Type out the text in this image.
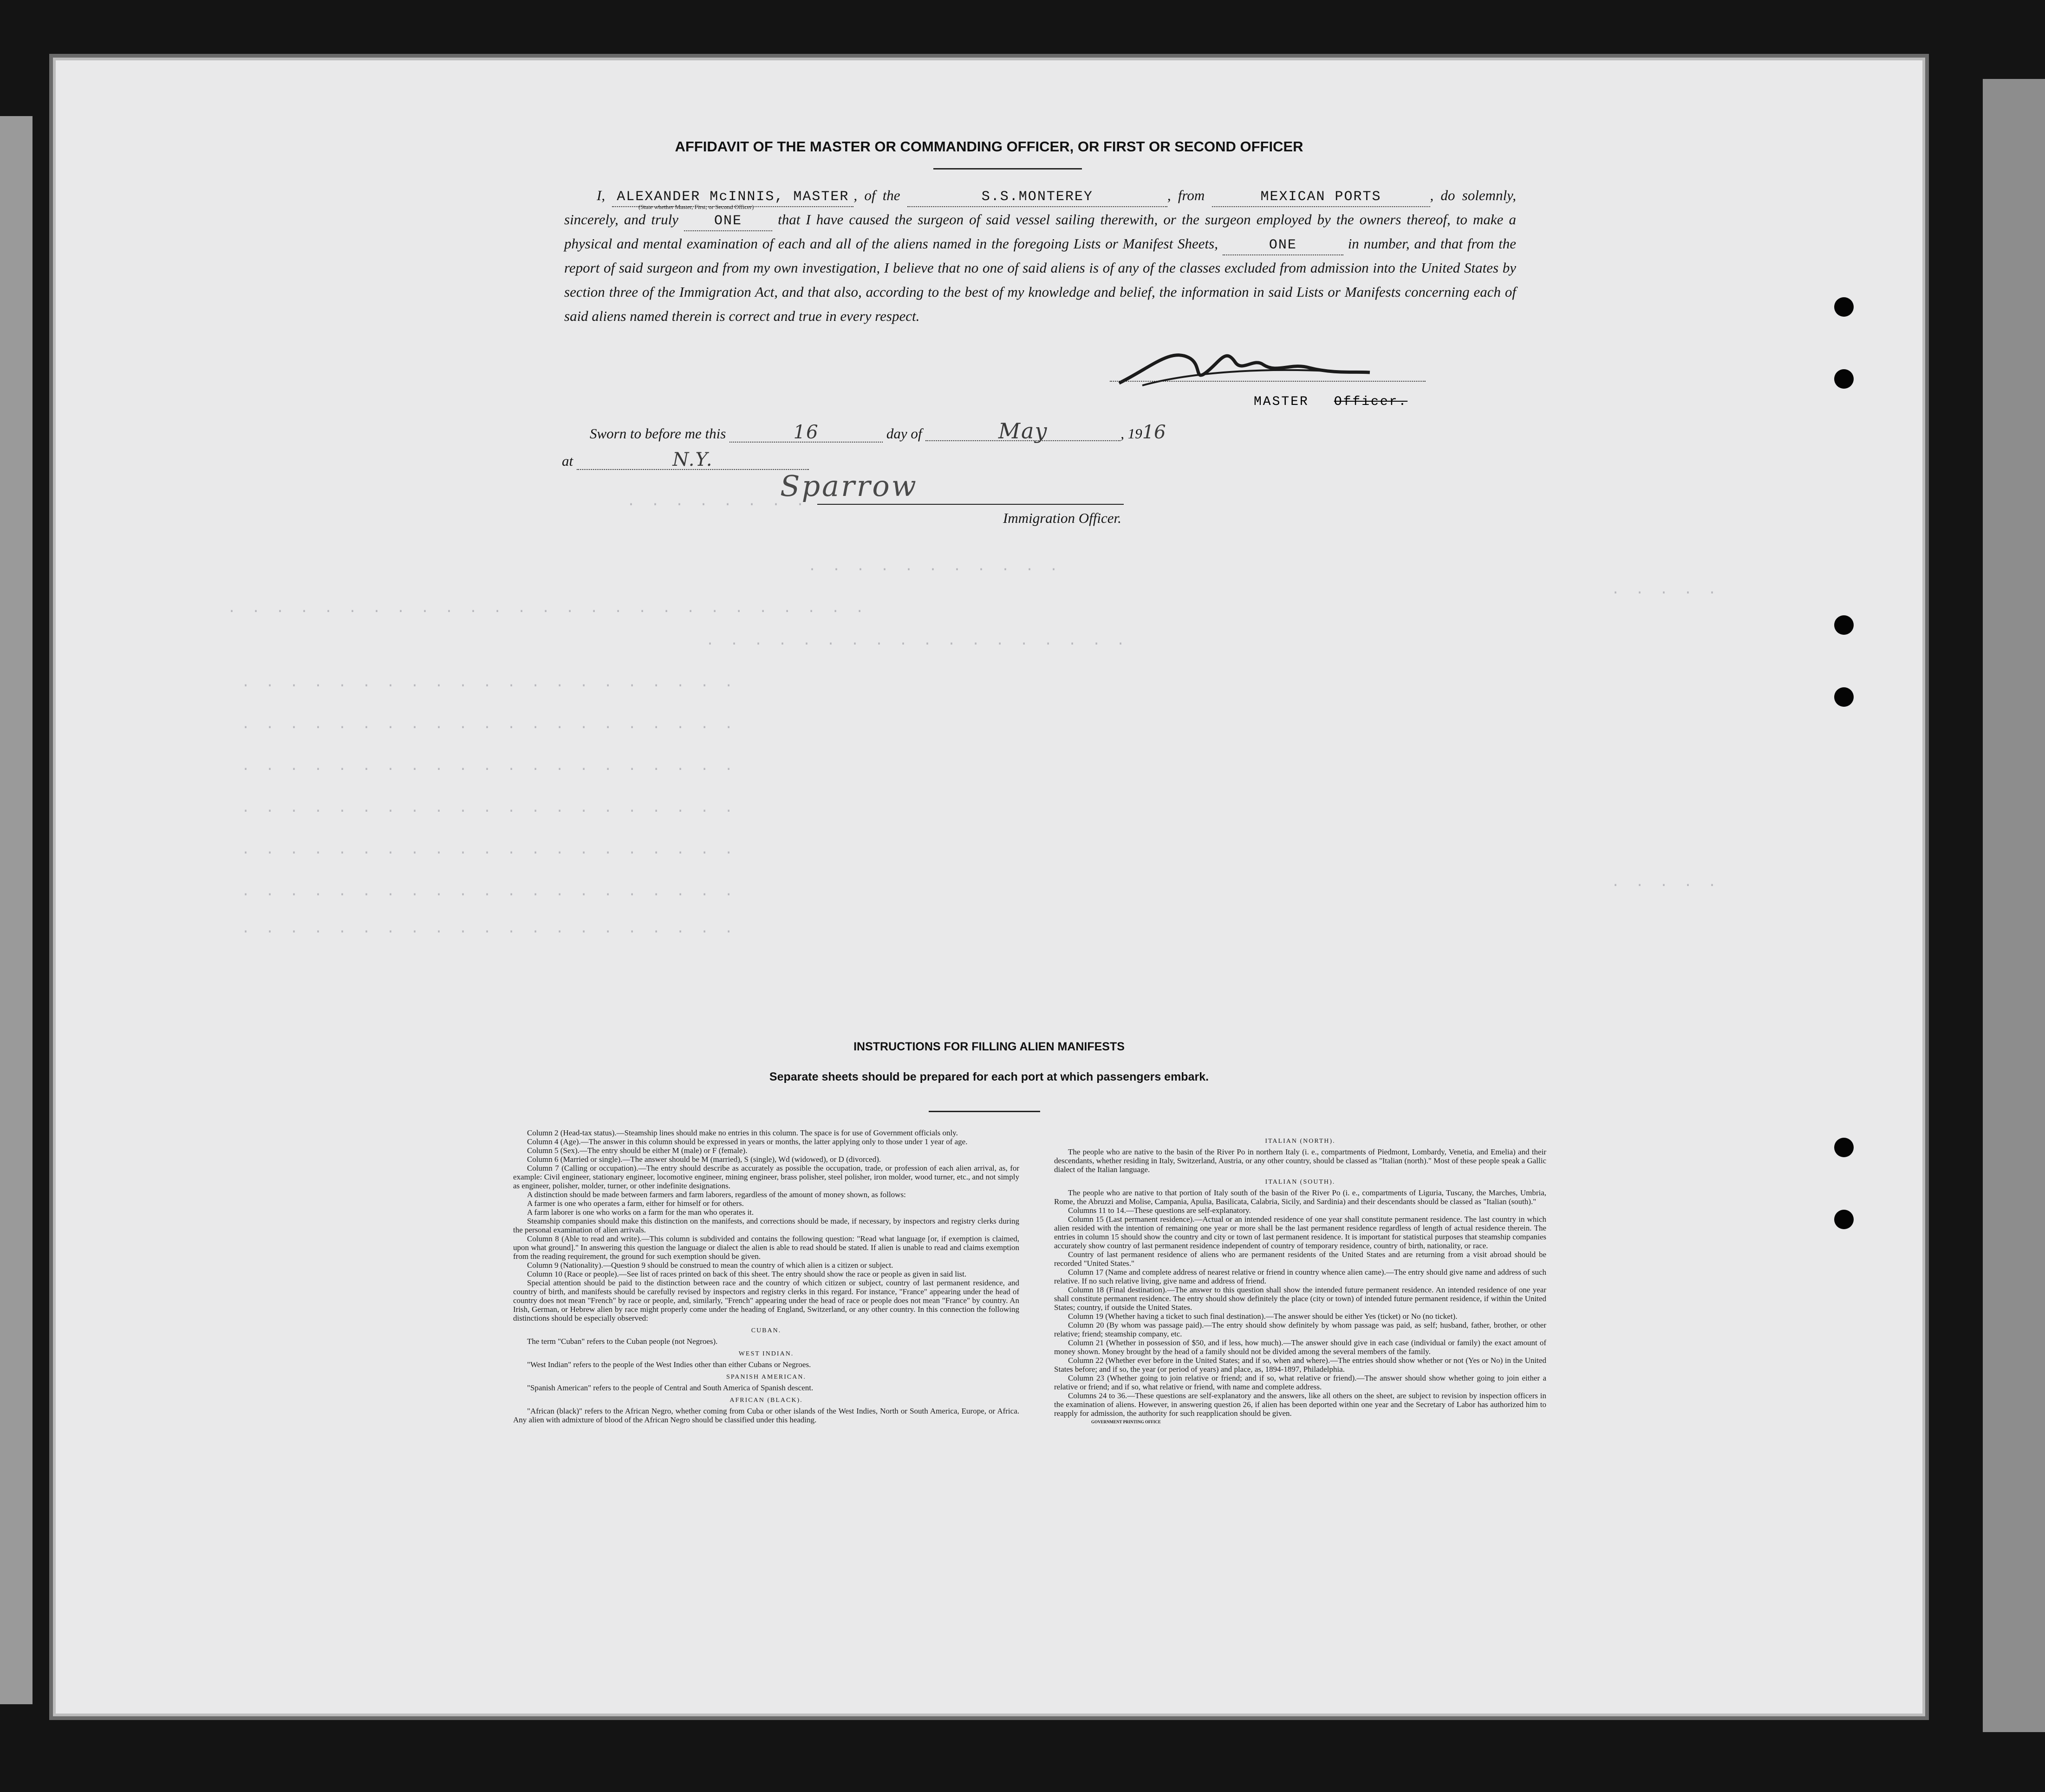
· · · · · · · ·
· · · · · · · · · · ·
· · · · · · · · · · · · · · · · · · · · · · · · · · ·
· · · · · · · · · · · · · · · · · ·
· · · · · · · · · · · · · · · · · · · · ·
· · · · · · · · · · · · · · · · · · · · ·
· · · · · · · · · · · · · · · · · · · · ·
· · · · · · · · · · · · · · · · · · · · ·
· · · · · · · · · · · · · · · · · · · · ·
· · · · · · · · · · · · · · · · · · · · ·
· · · · · · · · · · · · · · · · · · · · ·
· · · · ·
· · · · ·
AFFIDAVIT OF THE MASTER OR COMMANDING OFFICER, OR FIRST OR SECOND OFFICER
I, ALEXANDER McINNIS, MASTER , of the	S.S.MONTEREY	, from	MEXICAN PORTS	, do solemnly, sincerely, and truly	ONE that I have caused the surgeon of said vessel sailing therewith, or the surgeon employed by the owners thereof, to make a physical and mental examination of each and all of the aliens named in the foregoing Lists or Manifest Sheets,	ONE	in number, and that from the report of said surgeon and from my own investigation, I believe that no one of said aliens is of any of the classes excluded from admission into the United States by section three of the Immigration Act, and that also, according to the best of my knowledge and belief, the information in said Lists or Manifests concerning each of said aliens named therein is correct and true in every respect.
(State whether Master, First, or Second Officer)
MASTER Officer.
Sworn to before me this	16	day of	May	, 1916
at	N.Y.
Sparrow
Immigration Officer.
INSTRUCTIONS FOR FILLING ALIEN MANIFESTS
Separate sheets should be prepared for each port at which passengers embark.

Column 2 (Head-tax status).—Steamship lines should make no entries in this column. The space is for use of Government officials only.

Column 4 (Age).—The answer in this column should be expressed in years or months, the latter applying only to those under 1 year of age.

Column 5 (Sex).—The entry should be either M (male) or F (female).

Column 6 (Married or single).—The answer should be M (married), S (single), Wd (widowed), or D (divorced).

Column 7 (Calling or occupation).—The entry should describe as accurately as possible the occupation, trade, or profession of each alien arrival, as, for example: Civil engineer, stationary engineer, locomotive engineer, mining engineer, brass polisher, steel polisher, iron molder, wood turner, etc., and not simply as engineer, polisher, molder, turner, or other indefinite designations.

A distinction should be made between farmers and farm laborers, regardless of the amount of money shown, as follows:

A farmer is one who operates a farm, either for himself or for others.

A farm laborer is one who works on a farm for the man who operates it.

Steamship companies should make this distinction on the manifests, and corrections should be made, if necessary, by inspectors and registry clerks during the personal examination of alien arrivals.

Column 8 (Able to read and write).—This column is subdivided and contains the following question: "Read what language [or, if exemption is claimed, upon what ground]." In answering this question the language or dialect the alien is able to read should be stated. If alien is unable to read and claims exemption from the reading requirement, the ground for such exemption should be given.

Column 9 (Nationality).—Question 9 should be construed to mean the country of which alien is a citizen or subject.

Column 10 (Race or people).—See list of races printed on back of this sheet. The entry should show the race or people as given in said list.

Special attention should be paid to the distinction between race and the country of which citizen or subject, country of last permanent residence, and country of birth, and manifests should be carefully revised by inspectors and registry clerks in this regard. For instance, "France" appearing under the head of country does not mean "French" by race or people, and, similarly, "French" appearing under the head of race or people does not mean "France" by country. An Irish, German, or Hebrew alien by race might properly come under the heading of England, Switzerland, or any other country. In this connection the following distinctions should be especially observed:

CUBAN.

The term "Cuban" refers to the Cuban people (not Negroes).

WEST INDIAN.

"West Indian" refers to the people of the West Indies other than either Cubans or Negroes.

SPANISH AMERICAN.

"Spanish American" refers to the people of Central and South America of Spanish descent.

AFRICAN (BLACK).

"African (black)" refers to the African Negro, whether coming from Cuba or other islands of the West Indies, North or South America, Europe, or Africa. Any alien with admixture of blood of the African Negro should be classified under this heading.

ITALIAN (NORTH).

The people who are native to the basin of the River Po in northern Italy (i. e., compartments of Piedmont, Lombardy, Venetia, and Emelia) and their descendants, whether residing in Italy, Switzerland, Austria, or any other country, should be classed as "Italian (north)." Most of these people speak a Gallic dialect of the Italian language.

ITALIAN (SOUTH).

The people who are native to that portion of Italy south of the basin of the River Po (i. e., compartments of Liguria, Tuscany, the Marches, Umbria, Rome, the Abruzzi and Molise, Campania, Apulia, Basilicata, Calabria, Sicily, and Sardinia) and their descendants should be classed as "Italian (south)."

Columns 11 to 14.—These questions are self-explanatory.

Column 15 (Last permanent residence).—Actual or an intended residence of one year shall constitute permanent residence. The last country in which alien resided with the intention of remaining one year or more shall be the last permanent residence regardless of length of actual residence therein. The entries in column 15 should show the country and city or town of last permanent residence. It is important for statistical purposes that steamship companies accurately show country of last permanent residence independent of country of temporary residence, country of birth, nationality, or race.

Country of last permanent residence of aliens who are permanent residents of the United States and are returning from a visit abroad should be recorded "United States."

Column 17 (Name and complete address of nearest relative or friend in country whence alien came).—The entry should give name and address of such relative. If no such relative living, give name and address of friend.

Column 18 (Final destination).—The answer to this question shall show the intended future permanent residence. An intended residence of one year shall constitute permanent residence. The entry should show definitely the place (city or town) of intended future permanent residence, if within the United States; country, if outside the United States.

Column 19 (Whether having a ticket to such final destination).—The answer should be either Yes (ticket) or No (no ticket).

Column 20 (By whom was passage paid).—The entry should show definitely by whom passage was paid, as self; husband, father, brother, or other relative; friend; steamship company, etc.

Column 21 (Whether in possession of $50, and if less, how much).—The answer should give in each case (individual or family) the exact amount of money shown. Money brought by the head of a family should not be divided among the several members of the family.

Column 22 (Whether ever before in the United States; and if so, when and where).—The entries should show whether or not (Yes or No) in the United States before; and if so, the year (or period of years) and place, as, 1894-1897, Philadelphia.

Column 23 (Whether going to join relative or friend; and if so, what relative or friend).—The answer should show whether going to join either a relative or friend; and if so, what relative or friend, with name and complete address.

Columns 24 to 36.—These questions are self-explanatory and the answers, like all others on the sheet, are subject to revision by inspection officers in the examination of aliens. However, in answering question 26, if alien has been deported within one year and the Secretary of Labor has authorized him to reapply for admission, the authority for such reapplication should be given.

GOVERNMENT PRINTING OFFICE
